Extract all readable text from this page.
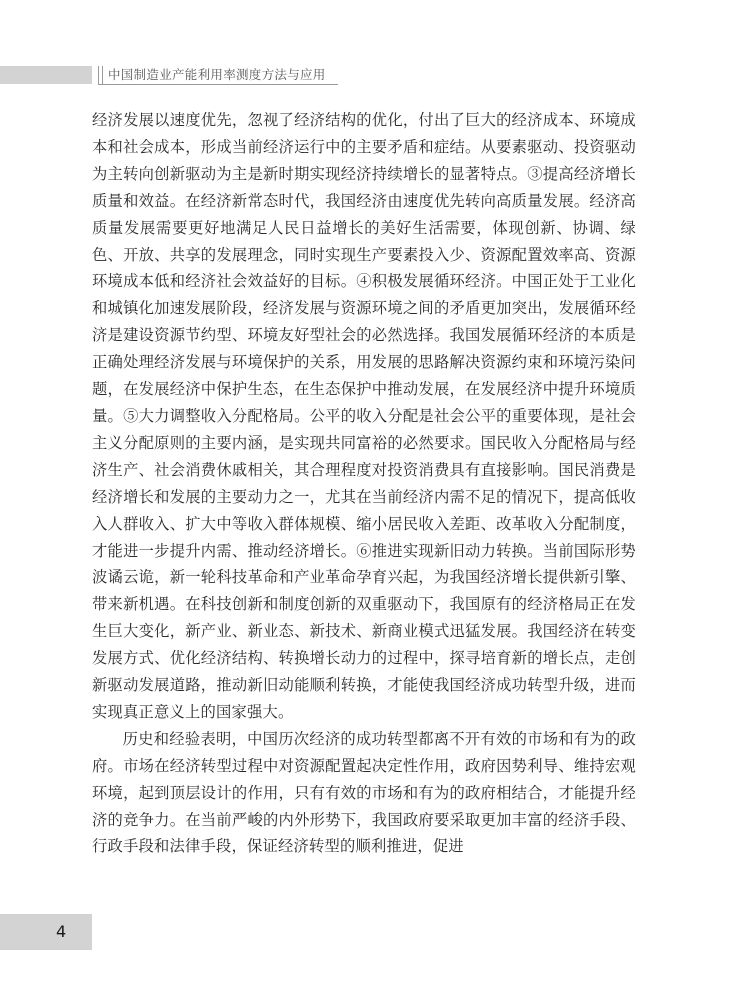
中国制造业产能利用率测度方法与应用

经济发展以速度优先，忽视了经济结构的优化，付出了巨大的经济成本、环境成本和社会成本，形成当前经济运行中的主要矛盾和症结。从要素驱动、投资驱动为主转向创新驱动为主是新时期实现经济持续增长的显著特点。③提高经济增长质量和效益。在经济新常态时代，我国经济由速度优先转向高质量发展。经济高质量发展需要更好地满足人民日益增长的美好生活需要，体现创新、协调、绿色、开放、共享的发展理念，同时实现生产要素投入少、资源配置效率高、资源环境成本低和经济社会效益好的目标。④积极发展循环经济。中国正处于工业化和城镇化加速发展阶段，经济发展与资源环境之间的矛盾更加突出，发展循环经济是建设资源节约型、环境友好型社会的必然选择。我国发展循环经济的本质是正确处理经济发展与环境保护的关系，用发展的思路解决资源约束和环境污染问题，在发展经济中保护生态，在生态保护中推动发展，在发展经济中提升环境质量。⑤大力调整收入分配格局。公平的收入分配是社会公平的重要体现，是社会主义分配原则的主要内涵，是实现共同富裕的必然要求。国民收入分配格局与经济生产、社会消费休戚相关，其合理程度对投资消费具有直接影响。国民消费是经济增长和发展的主要动力之一，尤其在当前经济内需不足的情况下，提高低收入人群收入、扩大中等收入群体规模、缩小居民收入差距、改革收入分配制度，才能进一步提升内需、推动经济增长。⑥推进实现新旧动力转换。当前国际形势波谲云诡，新一轮科技革命和产业革命孕育兴起，为我国经济增长提供新引擎、带来新机遇。在科技创新和制度创新的双重驱动下，我国原有的经济格局正在发生巨大变化，新产业、新业态、新技术、新商业模式迅猛发展。我国经济在转变发展方式、优化经济结构、转换增长动力的过程中，探寻培育新的增长点，走创新驱动发展道路，推动新旧动能顺利转换，才能使我国经济成功转型升级，进而实现真正意义上的国家强大。

历史和经验表明，中国历次经济的成功转型都离不开有效的市场和有为的政府。市场在经济转型过程中对资源配置起决定性作用，政府因势利导、维持宏观环境，起到顶层设计的作用，只有有效的市场和有为的政府相结合，才能提升经济的竞争力。在当前严峻的内外形势下，我国政府要采取更加丰富的经济手段、行政手段和法律手段，保证经济转型的顺利推进，促进

4
